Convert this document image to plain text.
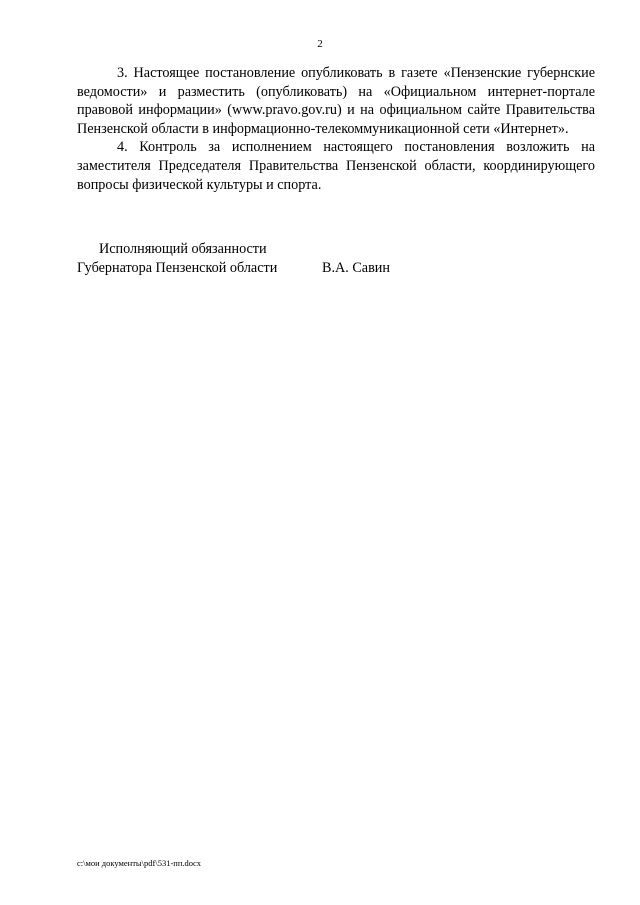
2

3. Настоящее постановление опубликовать в газете «Пензенские губернские ведомости» и разместить (опубликовать) на «Официальном интернет-портале правовой информации» (www.pravo.gov.ru) и на официальном сайте Правительства Пензенской области в информационно-телекоммуникационной сети «Интернет».

4. Контроль за исполнением настоящего постановления возложить на заместителя Председателя Правительства Пензенской области, координирующего вопросы физической культуры и спорта.

Исполняющий обязанности
Губернатора Пензенской области	В.А. Савин
c:\мои документы\pdf\531-пп.docx
